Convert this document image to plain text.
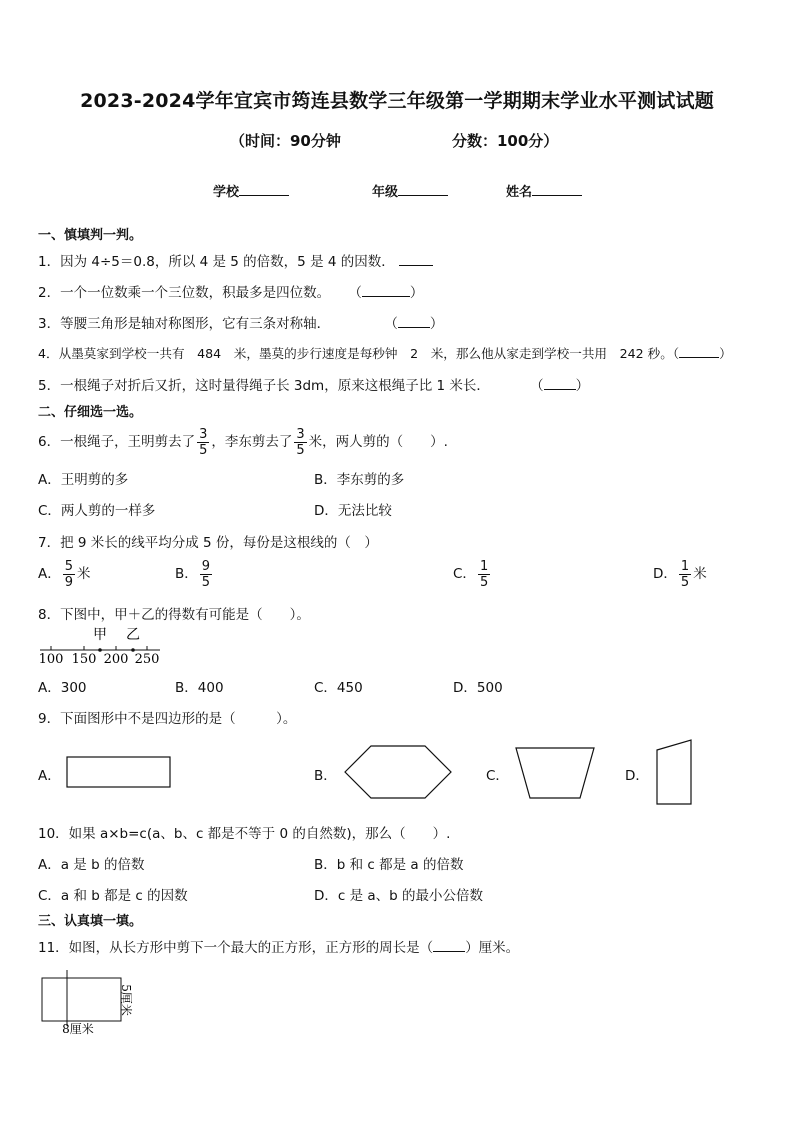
2023-2024学年宜宾市筠连县数学三年级第一学期期末学业水平测试试题
（时间：90分钟	分数：100分）
学校	年级	姓名
一、慎填判一判。
1．因为 4÷5＝0.8，所以 4 是 5 的倍数，5 是 4 的因数．
2．一个一位数乘一个三位数，积最多是四位数。 （	）
3．等腰三角形是轴对称图形，它有三条对称轴．	（ ）
4．从墨莫家到学校一共有　484　米，墨莫的步行速度是每秒钟　2　米，那么他从家走到学校一共用　242 秒。（	）
5．一根绳子对折后又折，这时量得绳子长 3dm，原来这根绳子比 1 米长．	（ ）
二、仔细选一选。
6．一根绳子，王明剪去了 $\frac{3}{5}$ ，李东剪去了 $\frac{3}{5}$ 米，两人剪的（　　）.
A．王明剪的多	B．李东剪的多
C．两人剪的一样多	D．无法比较
7．把 9 米长的线平均分成 5 份，每份是这根线的（　）
A． $\frac{5}{9}$ 米	B． $\frac{9}{5}$	C． $\frac{1}{5}$	D． $\frac{1}{5}$ 米
8．下图中，甲＋乙的得数有可能是（　　）。
甲 乙
100 150 200 250
A．300	B．400	C．450	D．500
9．下面图形中不是四边形的是（　　　）。
A．	B．	C．	D．
10．如果 a×b=c(a、b、c 都是不等于 0 的自然数)，那么（　　）.
A．a 是 b 的倍数	B．b 和 c 都是 a 的倍数
C．a 和 b 都是 c 的因数	D．c 是 a、b 的最小公倍数
三、认真填一填。
11．如图，从长方形中剪下一个最大的正方形，正方形的周长是（ ）厘米。
8厘米
5厘米
